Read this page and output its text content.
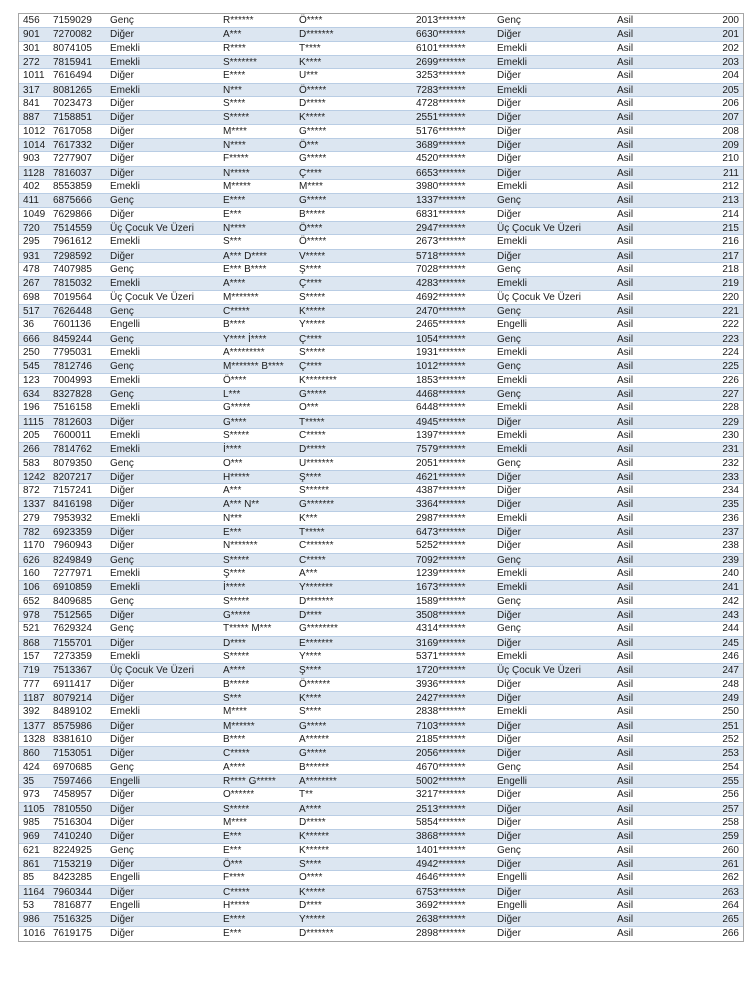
456	7159029	Genç	R******	Ö****	2013*******	Genç	Asil	200
901	7270082	Diğer	A***	D*******	6630*******	Diğer	Asil	201
301	8074105	Emekli	R****	T****	6101*******	Emekli	Asil	202
272	7815941	Emekli	S*******	K****	2699*******	Emekli	Asil	203
1011 7616494	Diğer	E****	U***	3253*******	Diğer	Asil	204
317	8081265	Emekli	N***	Ö*****	7283*******	Emekli	Asil	205
841	7023473	Diğer	S****	D*****	4728*******	Diğer	Asil	206
887	7158851	Diğer	S*****	K*****	2551*******	Diğer	Asil	207
1012 7617058	Diğer	M****	G*****	5176*******	Diğer	Asil	208
1014 7617332	Diğer	N****	Ö***	3689*******	Diğer	Asil	209
903	7277907	Diğer	F*****	G*****	4520*******	Diğer	Asil	210
1128 7816037	Diğer	N*****	Ç****	6653*******	Diğer	Asil	211
402	8553859	Emekli	M*****	M****	3980*******	Emekli	Asil	212
411	6875666	Genç	E****	G*****	1337*******	Genç	Asil	213
1049 7629866	Diğer	E***	B*****	6831*******	Diğer	Asil	214
720	7514559	Üç Çocuk Ve Üzeri	N****	Ö****	2947*******	Üç Çocuk Ve Üzeri	Asil	215
295	7961612	Emekli	S***	Ö*****	2673*******	Emekli	Asil	216
931	7298592	Diğer	A*** D****	V*****	5718*******	Diğer	Asil	217
478	7407985	Genç	E*** B****	Ş****	7028*******	Genç	Asil	218
267	7815032	Emekli	A****	Ç****	4283*******	Emekli	Asil	219
698	7019564	Üç Çocuk Ve Üzeri	M*******	S*****	4692*******	Üç Çocuk Ve Üzeri	Asil	220
517	7626448	Genç	C*****	K*****	2470*******	Genç	Asil	221
36	7601136	Engelli	B****	Y*****	2465*******	Engelli	Asil	222
666	8459244	Genç	Y**** İ****	Ç****	1054*******	Genç	Asil	223
250	7795031	Emekli	A*********	S*****	1931*******	Emekli	Asil	224
545	7812746	Genç	M******* B****	Ç****	1012*******	Genç	Asil	225
123	7004993	Emekli	Ö****	K********	1853*******	Emekli	Asil	226
634	8327828	Genç	L***	G*****	4468*******	Genç	Asil	227
196	7516158	Emekli	G*****	O***	6448*******	Emekli	Asil	228
1115 7812603	Diğer	G****	T*****	4945*******	Diğer	Asil	229
205	7600011	Emekli	S*****	C*****	1397*******	Emekli	Asil	230
266	7814762	Emekli	İ****	D*****	7579*******	Emekli	Asil	231
583	8079350	Genç	O***	U*******	2051*******	Genç	Asil	232
1242 8207217	Diğer	H*****	Ş****	4621*******	Diğer	Asil	233
872	7157241	Diğer	A***	S******	4387*******	Diğer	Asil	234
1337 8416198	Diğer	A*** N**	G*******	3364*******	Diğer	Asil	235
279	7953932	Emekli	N***	K***	2987*******	Emekli	Asil	236
782	6923359	Diğer	E***	T*****	6473*******	Diğer	Asil	237
1170 7960943	Diğer	N*******	C*******	5252*******	Diğer	Asil	238
626	8249849	Genç	S*****	C*****	7092*******	Genç	Asil	239
160	7277971	Emekli	Ş****	A***	1239*******	Emekli	Asil	240
106	6910859	Emekli	İ*****	Y*******	1673*******	Emekli	Asil	241
652	8409685	Genç	S*****	D*******	1589*******	Genç	Asil	242
978	7512565	Diğer	G*****	D****	3508*******	Diğer	Asil	243
521	7629324	Genç	T***** M***	G********	4314*******	Genç	Asil	244
868	7155701	Diğer	D****	E*******	3169*******	Diğer	Asil	245
157	7273359	Emekli	S*****	Y****	5371*******	Emekli	Asil	246
719	7513367	Üç Çocuk Ve Üzeri	A****	Ş****	1720*******	Üç Çocuk Ve Üzeri	Asil	247
777	6911417	Diğer	B*****	Ö******	3936*******	Diğer	Asil	248
1187 8079214	Diğer	S***	K****	2427*******	Diğer	Asil	249
392	8489102	Emekli	M****	S****	2838*******	Emekli	Asil	250
1377 8575986	Diğer	M******	G*****	7103*******	Diğer	Asil	251
1328 8381610	Diğer	B****	A******	2185*******	Diğer	Asil	252
860	7153051	Diğer	C*****	G*****	2056*******	Diğer	Asil	253
424	6970685	Genç	A****	B******	4670*******	Genç	Asil	254
35	7597466	Engelli	R**** G*****	A********	5002*******	Engelli	Asil	255
973	7458957	Diğer	O******	T**	3217*******	Diğer	Asil	256
1105 7810550	Diğer	S*****	A****	2513*******	Diğer	Asil	257
985	7516304	Diğer	M****	D*****	5854*******	Diğer	Asil	258
969	7410240	Diğer	E***	K******	3868*******	Diğer	Asil	259
621	8224925	Genç	E***	K******	1401*******	Genç	Asil	260
861	7153219	Diğer	Ö***	S****	4942*******	Diğer	Asil	261
85	8423285	Engelli	F****	O****	4646*******	Engelli	Asil	262
1164 7960344	Diğer	C*****	K*****	6753*******	Diğer	Asil	263
53	7816877	Engelli	H*****	D****	3692*******	Engelli	Asil	264
986	7516325	Diğer	E****	Y*****	2638*******	Diğer	Asil	265
1016 7619175	Diğer	E***	D*******	2898*******	Diğer	Asil	266
